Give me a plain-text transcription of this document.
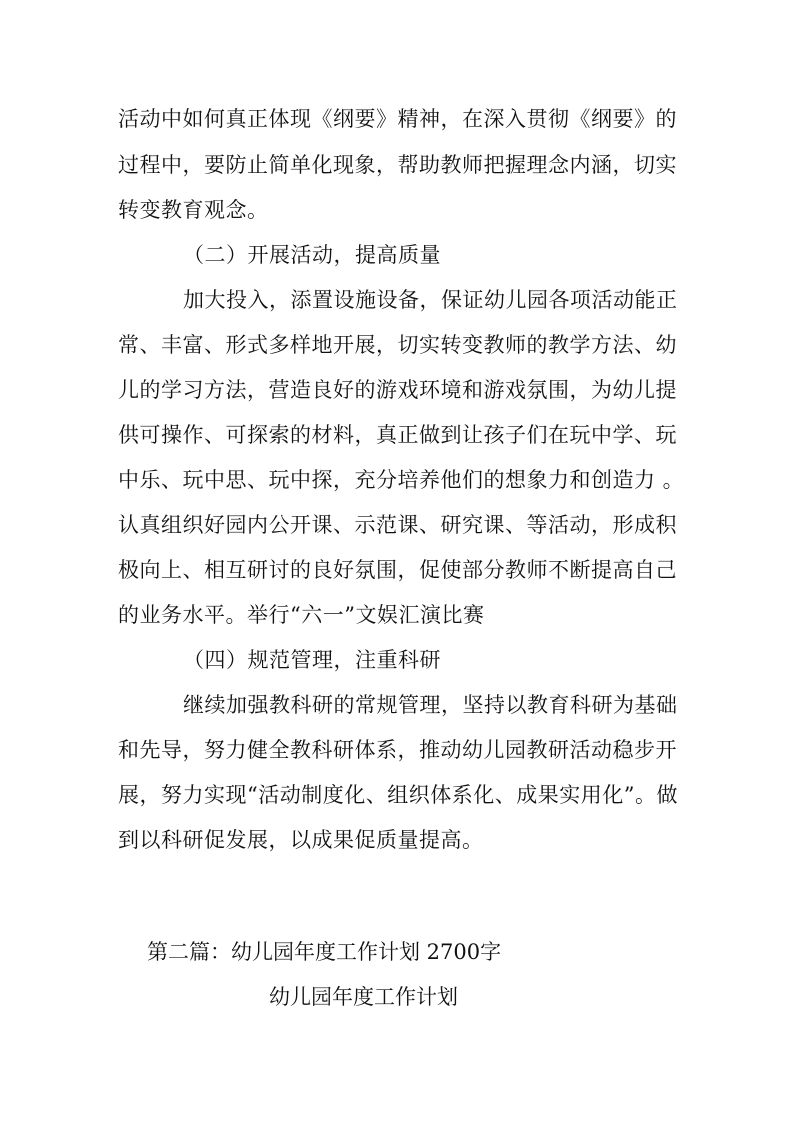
活动中如何真正体现《纲要》精神，在深入贯彻《纲要》的
过程中，要防止简单化现象，帮助教师把握理念内涵，切实
转变教育观念。
（二）开展活动，提高质量
加大投入，添置设施设备，保证幼儿园各项活动能正
常、丰富、形式多样地开展，切实转变教师的教学方法、幼
儿的学习方法，营造良好的游戏环境和游戏氛围，为幼儿提
供可操作、可探索的材料，真正做到让孩子们在玩中学、玩
中乐、玩中思、玩中探，充分培养他们的想象力和创造力 。
认真组织好园内公开课、示范课、研究课、等活动，形成积
极向上、相互研讨的良好氛围，促使部分教师不断提高自己
的业务水平。举行“六一”文娱汇演比赛
（四）规范管理，注重科研
继续加强教科研的常规管理，坚持以教育科研为基础
和先导，努力健全教科研体系，推动幼儿园教研活动稳步开
展，努力实现“活动制度化、组织体系化、成果实用化”。做
到以科研促发展，以成果促质量提高。
第二篇：幼儿园年度工作计划 2700字
幼儿园年度工作计划
